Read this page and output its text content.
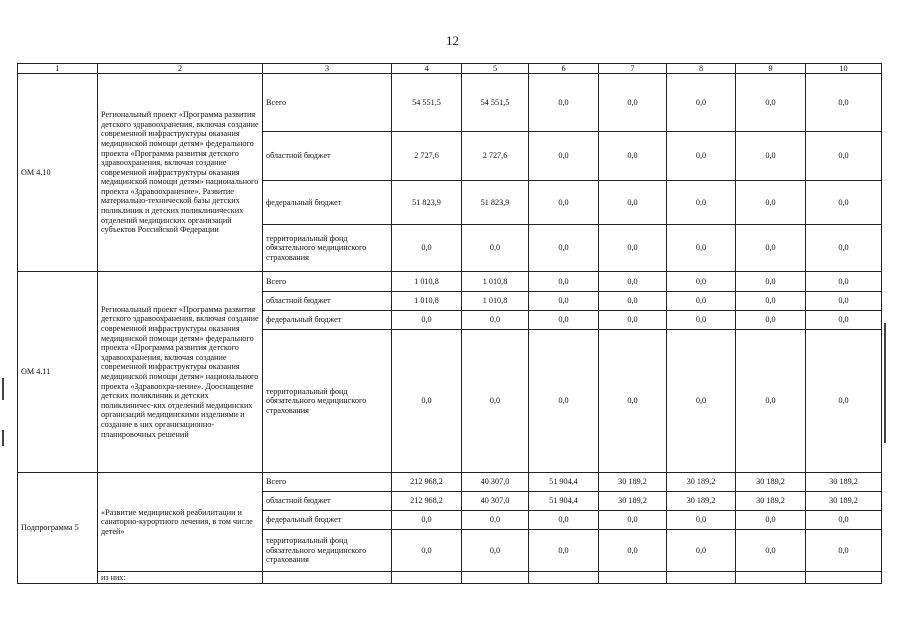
12
1	2	3	4	5	6	7	8	9	10
ОМ 4.10	Региональный проект «Программа развития детского здравоохранения, включая создание современной инфраструктуры оказания медицинской помощи детям» федерального проекта «Программа развития детского здравоохранения, включая создание современной инфраструктуры оказания медицинской помощи детям» национального проекта «Здравоохранение». Развитие материально-технической базы детских поликлиник и детских поликлинических отделений медицинских организаций субъектов Российской Федерации	Всего	54 551,5	54 551,5	0,0	0,0	0,0	0,0	0,0
		областной бюджет	2 727,6	2 727,6	0,0	0,0	0,0	0,0	0,0
		федеральный бюджет	51 823,9	51 823,9	0,0	0,0	0,0	0,0	0,0
		территориальный фонд обязательного медицинского страхования	0,0	0,0	0,0	0,0	0,0	0,0	0,0
ОМ 4.11	Региональный проект «Программа развития детского здравоохранения, включая создание современной инфраструктуры оказания медицинской помощи детям» федерального проекта «Программа развития детского здравоохранения, включая создание современной инфраструктуры оказания медицинской помощи детям» национального проекта «Здравоохра-нение». Дооснащение детских поликлиник и детских поликлиничес-ких отделений медицинских организаций медицинскими изделиями и создание в них организационно-планировочных решений	Всего	1 010,8	1 010,8	0,0	0,0	0,0	0,0	0,0
		областной бюджет	1 010,8	1 010,8	0,0	0,0	0,0	0,0	0,0
		федеральный бюджет	0,0	0,0	0,0	0,0	0,0	0,0	0,0
		территориальный фонд обязательного медицинского страхования	0,0	0,0	0,0	0,0	0,0	0,0	0,0
Подпрограмма 5	«Развитие медицинской реабилитации и санаторно-курортного лечения, в том числе детей»	Всего	212 968,2	40 307,0	51 904,4	30 189,2	30 189,2	30 189,2	30 189,2
		областной бюджет	212 968,2	40 307,0	51 904,4	30 189,2	30 189,2	30 189,2	30 189,2
		федеральный бюджет	0,0	0,0	0,0	0,0	0,0	0,0	0,0
		территориальный фонд обязательного медицинского страхования	0,0	0,0	0,0	0,0	0,0	0,0	0,0
	из них:								
